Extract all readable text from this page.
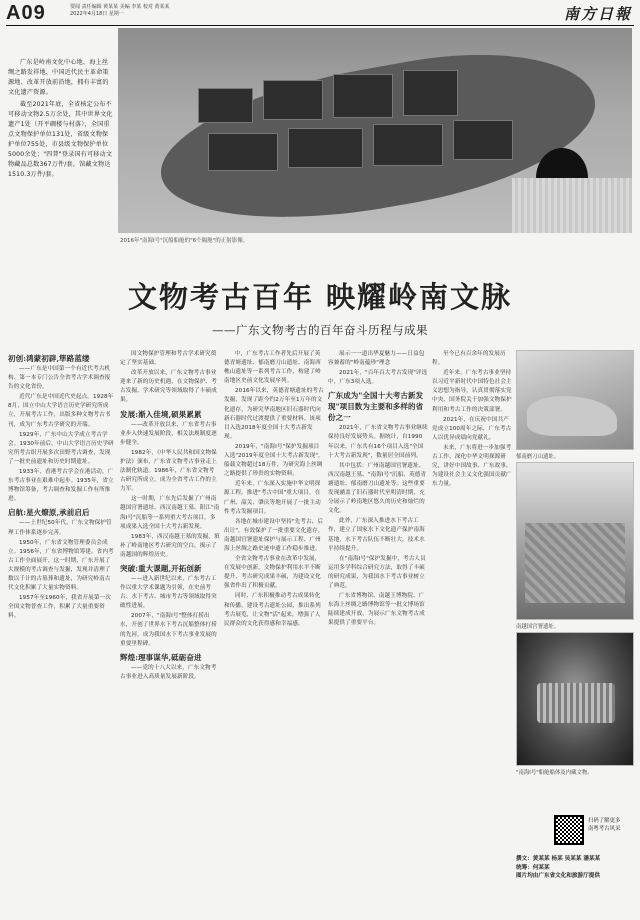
A09	要闻 责任编辑 黄某某 美编 李某 校对 黄某某
2022年4月18日 星期一	南方日報

广东是岭南文化中心地、海上丝绸之路发祥地、中国近代民主革命策源地、改革开放前沿地，拥有丰富的文化遗产资源。

截至2021年底，全省核定公布不可移动文物2.5万余处，其中世界文化遗产1处（开平碉楼与村落），全国重点文物保护单位131处，省级文物保护单位755处，市县级文物保护单位5000余处；"四普"登录国有可移动文物藏品总数367万件/套，馆藏文物达1510.3万件/套。

2016年"南海Ⅰ号"沉船船舱的"6个隔舱"的正射影像。
文物考古百年 映耀岭南文脉
——广东文物考古的百年奋斗历程与成果

初创:鸿蒙初辟,筚路蓝缕

——广东是中国第一个有近代考古机构、第一本专门公告全省考古学术调查报告的文化省份。

近代广东是中国近代史起点。1928年8月，国立中山大学语言历史学研究所成立，开展考古工作，出版多种文物考古书刊，成为广东考古学研究的开端。

1929年，广东中山大学成立考古学会。1930年前后，中山大学语言历史学研究所考古组开展多次田野考古调查，发现了一批史前遗址和历史时期遗址。

1933年，香港考古学会在港活动，广东考古事业在艰难中起步。1935年，省立博物馆筹备，考古调查和发掘工作有所推进。

启航:星火燎原,承前启后

——上世纪50年代，广东文物保护管理工作体系逐步完善。

1950年，广东省文物管理委员会成立。1956年，广东省博物馆筹建，省内考古工作全面展开。这一时期，广东开展了大规模的考古调查与发掘，发现并清理了数以千计的古墓葬和遗址，为研究岭南古代文化积累了大量实物资料。

1957年至1960年，我省开展第一次全国文物普查工作，积累了大量重要资料。

国文物保护管理和考古学术研究奠定了坚实基础。

改革开放以来，广东文物考古事业迎来了新的历史机遇，在文物保护、考古发掘、学术研究等领域取得了丰硕成果。

发展:渐入佳境,硕果累累

——改革开放以来，广东省考古事业步入快速发展阶段，相关法规制度逐步健全。

1982年，《中华人民共和国文物保护法》颁布，广东省文物考古事业走上法制化轨道。1986年，广东省文物考古研究所成立，成为全省考古工作的主力军。

这一时期，广东先后发掘了广州南越国宫署遗址、西汉南越王墓、阳江"南海Ⅰ号"沉船等一系列重大考古项目，多项成果入选全国十大考古新发现。

1983年，西汉南越王墓的发掘，填补了岭南地区考古研究的空白，揭示了南越国的辉煌历史。

突破:重大课题,开拓创新

——进入新世纪以来，广东考古工作以重大学术课题为引领，在史前考古、水下考古、城市考古等领域取得突破性进展。

2007年，"南海Ⅰ号"整体打捞出水，开创了世界水下考古沉船整体打捞的先河，成为我国水下考古事业发展的重要里程碑。

辉煌:理事谋华,砥砺奋进

——党的十八大以来，广东文物考古事业进入高质量发展新阶段。

中，广东考古工作者先后开展了英德青塘遗址、郁南磨刀山遗址、南海西樵山遗址等一系列考古工作，构建了岭南地区史前文化发展序列。

2016年以来，英德青塘遗址的考古发掘，发现了距今约2万年至1万年的文化遗存，为研究华南地区旧石器时代向新石器时代过渡提供了重要材料。该项目入选2018年度全国十大考古新发现。

2019年，"南海Ⅰ号"保护发掘项目入选"2019年度全国十大考古新发现"，船载文物超过18万件，为研究海上丝绸之路提供了珍贵的实物资料。

近年来，广东深入实施中华文明探源工程，推进"考古中国"重大项目，在广州、韶关、肇庆等地开展了一批主动性考古发掘项目。

各地在城市建设中坚持"先考古、后出让"，有效保护了一批重要文化遗存。南越国宫署遗址保护与展示工程、广州海上丝绸之路史迹申遗工作稳步推进。

全省文物考古事业在改革中发展，在发展中创新，文物保护利用水平不断提升，考古研究成果丰硕，为建设文化强省作出了积极贡献。

同时，广东积极推动考古成果转化和传播，建设考古遗址公园，推出系列考古展览，让文物"活"起来，增强了人民群众的文化获得感和幸福感。

展示一一道出华夏魅力——日益包容兼蓄的"岭南蕴珍"理念

2021年，"百年百大考古发现"评选中，广东3项入选。

广东成为"全国十大考古新发现"项目数为主要和多样的省份之一

2021年，广东省文物考古事业继续保持良好发展势头。据统计，自1990年以来，广东共有16个项目入选"全国十大考古新发现"，数量居全国前列。

其中包括：广州南越国宫署遗址、西汉南越王墓、"南海Ⅰ号"沉船、英德青塘遗址、郁南磨刀山遗址等。这些重要发现涵盖了旧石器时代至明清时期，充分展示了岭南地区悠久的历史和灿烂的文化。

此外，广东深入推进水下考古工作，建立了国家水下文化遗产保护南海基地，水下考古队伍不断壮大，技术水平持续提升。

在"南海Ⅰ号"保护发掘中，考古人员运用多学科综合研究方法，取得了丰硕的研究成果，为我国水下考古事业树立了典范。

广东省博物馆、南越王博物院、广东海上丝绸之路博物馆等一批文博场馆陆续建成开放，为展示广东文物考古成果提供了重要平台。

至今已有百余年的发展历程。

近年来，广东考古事业坚持以习近平新时代中国特色社会主义思想为指导，认真贯彻落实党中央、国务院关于加强文物保护利用和考古工作的决策部署。

2021年，在庆祝中国共产党成立100周年之际，广东考古人以优异成绩向党献礼。

未来，广东将进一步加强考古工作，深化中华文明探源研究，讲好中国故事、广东故事，为建设社会主义文化强国贡献广东力量。

郁南磨刀山遗址。
南越国宫署遗址。
"南海Ⅰ号"船舱船体及内藏文物。
扫码了解更多
南粤考古风采
撰文：黄某某 杨某 吴某某 潘某某
统筹：何某某
图片均由广东省文化和旅游厅提供
